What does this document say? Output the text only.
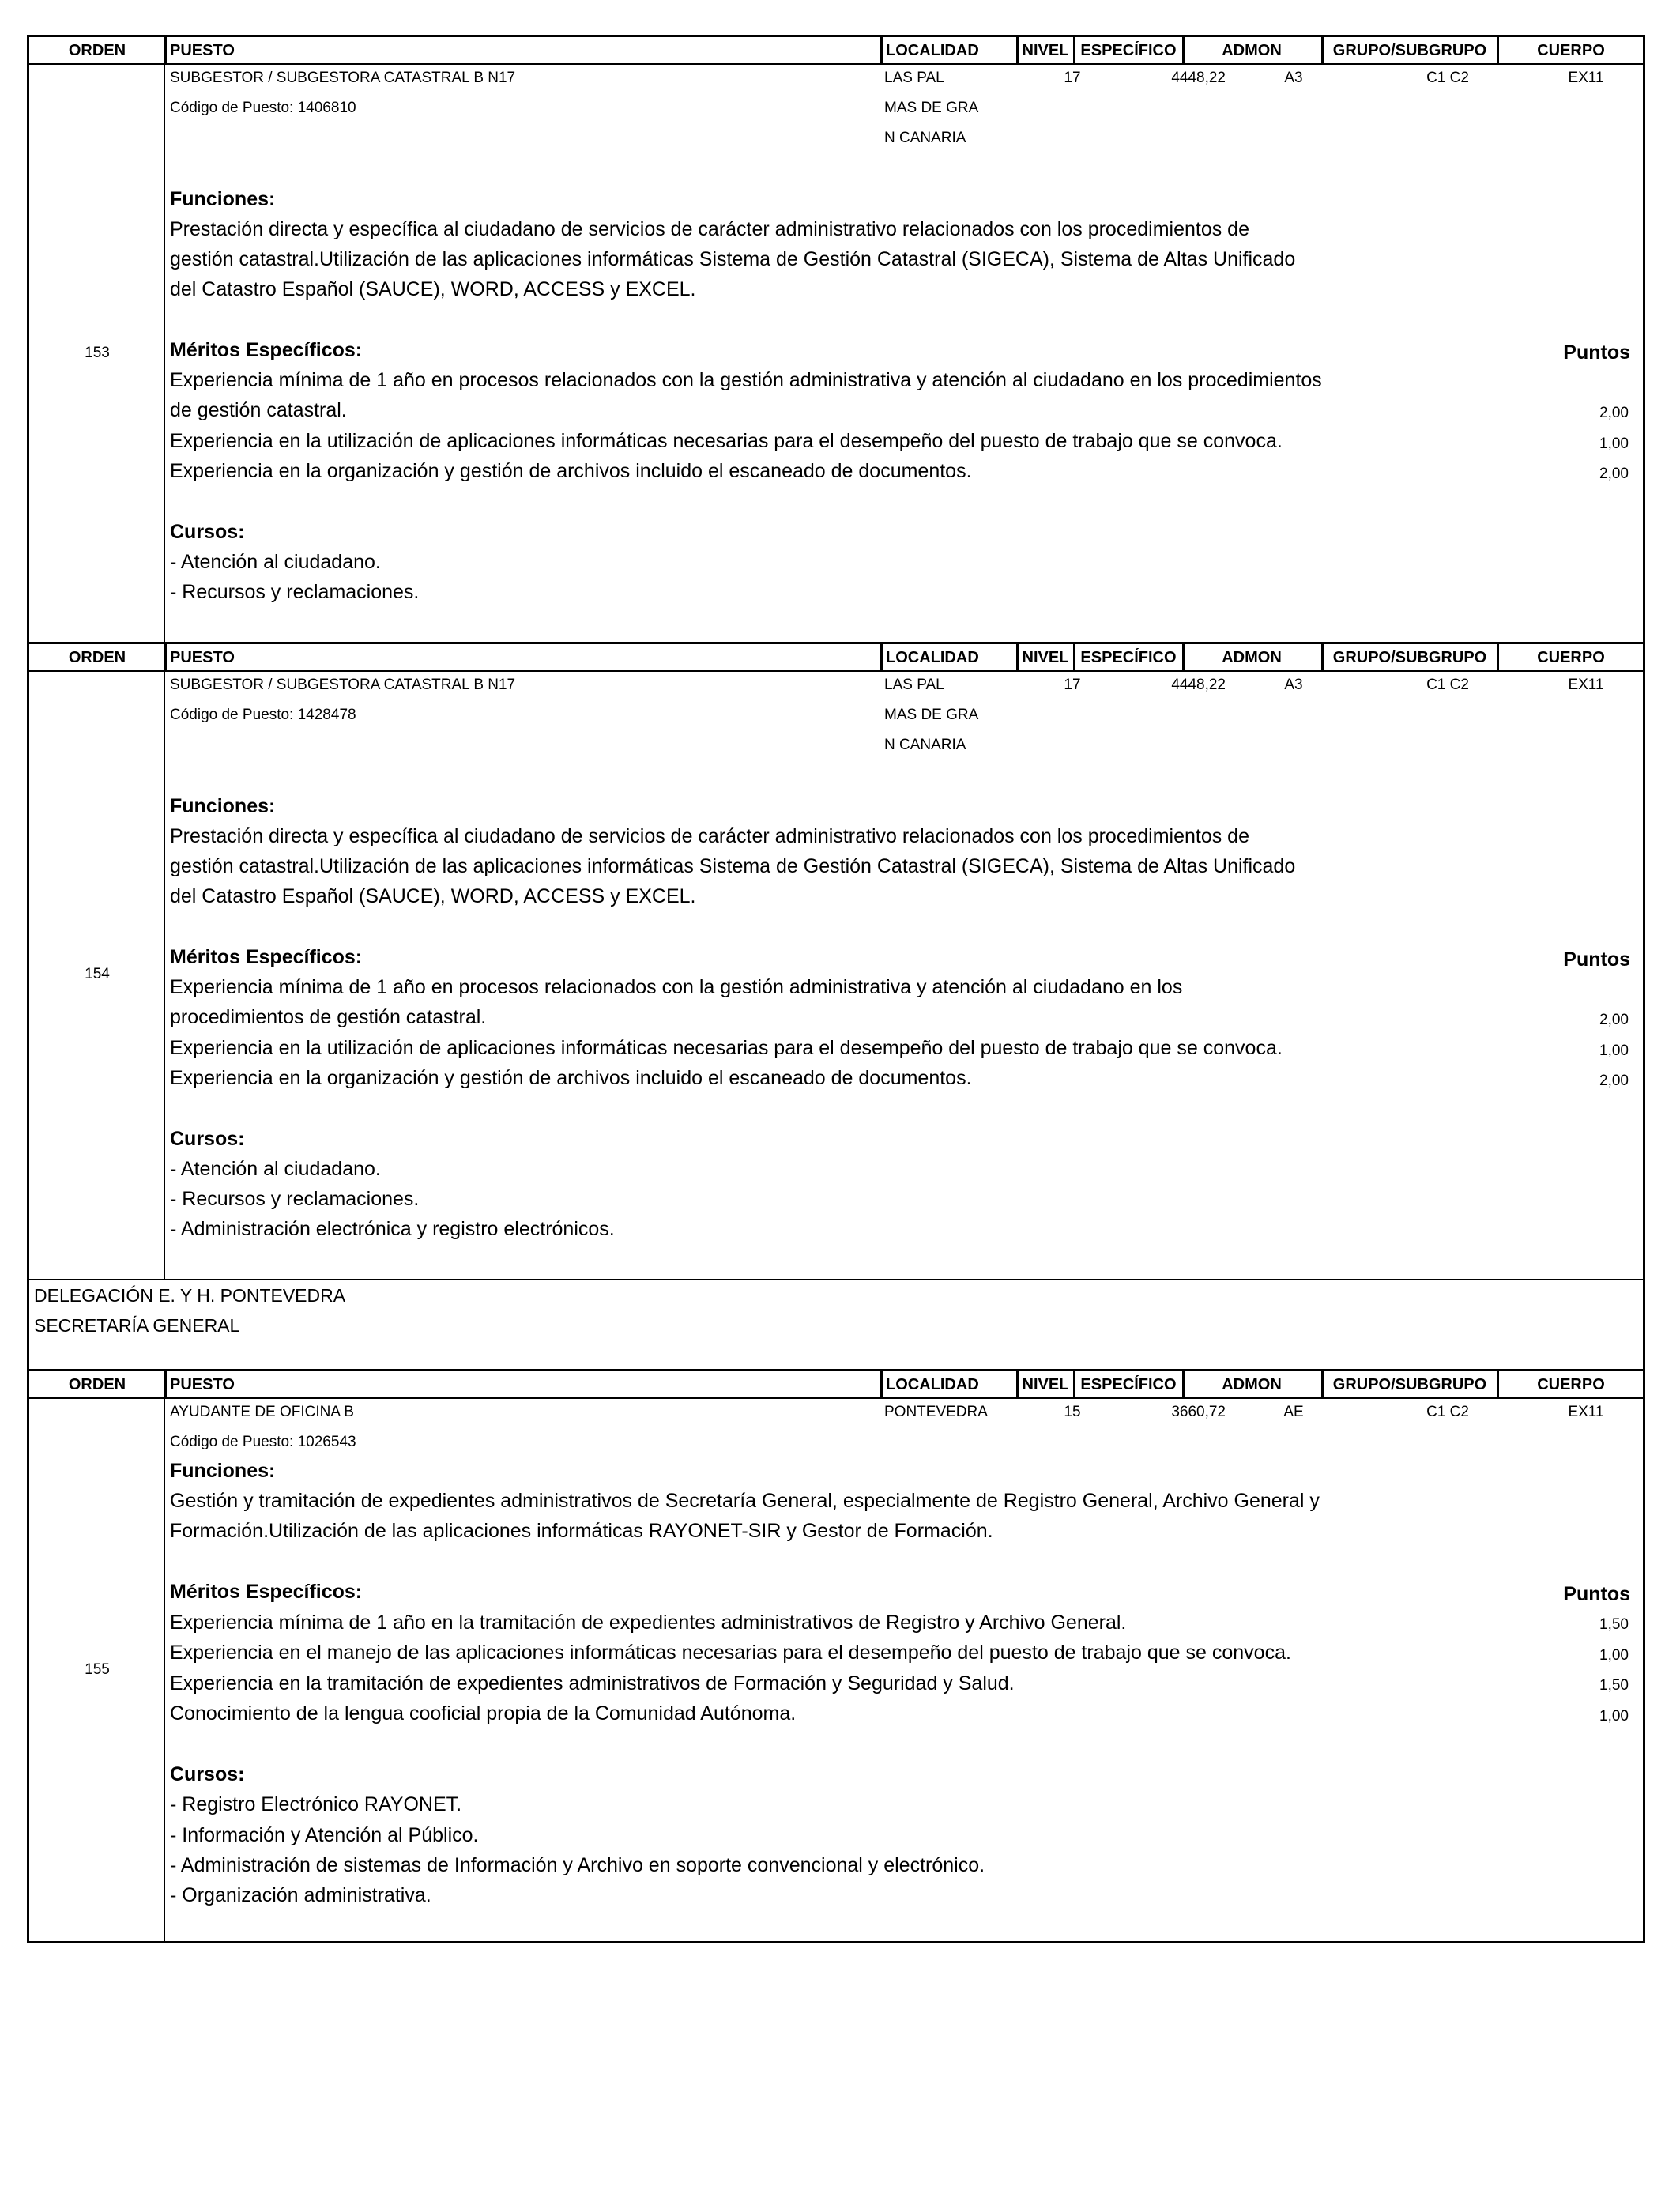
ORDEN	PUESTO	LOCALIDAD	NIVEL ESPECÍFICO	ADMON	GRUPO/SUBGRUPO	CUERPO
153
SUBGESTOR / SUBGESTORA CATASTRAL B N17
Código de Puesto: 1406810
LAS PAL
MAS DE GRA
N CANARIA
17	4448,22	A3	C1 C2	EX11
Funciones:
Prestación directa y específica al ciudadano de servicios de carácter administrativo relacionados con los procedimientos de
gestión catastral.Utilización de las aplicaciones informáticas Sistema de Gestión Catastral (SIGECA), Sistema de Altas Unificado
del Catastro Español (SAUCE), WORD, ACCESS y EXCEL.
Méritos Específicos:	Puntos
Experiencia mínima de 1 año en procesos relacionados con la gestión administrativa y atención al ciudadano en los procedimientos
de gestión catastral.	2,00
Experiencia en la utilización de aplicaciones informáticas necesarias para el desempeño del puesto de trabajo que se convoca.	1,00
Experiencia en la organización y gestión de archivos incluido el escaneado de documentos.	2,00
Cursos:
- Atención al ciudadano.
- Recursos y reclamaciones.
ORDEN	PUESTO	LOCALIDAD	NIVEL ESPECÍFICO	ADMON	GRUPO/SUBGRUPO	CUERPO
154
SUBGESTOR / SUBGESTORA CATASTRAL B N17
Código de Puesto: 1428478
LAS PAL
MAS DE GRA
N CANARIA
17	4448,22	A3	C1 C2	EX11
Funciones:
Prestación directa y específica al ciudadano de servicios de carácter administrativo relacionados con los procedimientos de
gestión catastral.Utilización de las aplicaciones informáticas Sistema de Gestión Catastral (SIGECA), Sistema de Altas Unificado
del Catastro Español (SAUCE), WORD, ACCESS y EXCEL.
Méritos Específicos:	Puntos
Experiencia mínima de 1 año en procesos relacionados con la gestión administrativa y atención al ciudadano en los
procedimientos de gestión catastral.	2,00
Experiencia en la utilización de aplicaciones informáticas necesarias para el desempeño del puesto de trabajo que se convoca.	1,00
Experiencia en la organización y gestión de archivos incluido el escaneado de documentos.	2,00
Cursos:
- Atención al ciudadano.
- Recursos y reclamaciones.
- Administración electrónica y registro electrónicos.
DELEGACIÓN E. Y H. PONTEVEDRA
SECRETARÍA GENERAL
ORDEN	PUESTO	LOCALIDAD	NIVEL ESPECÍFICO	ADMON	GRUPO/SUBGRUPO	CUERPO
155
AYUDANTE DE OFICINA B
Código de Puesto: 1026543
PONTEVEDRA	15	3660,72	AE	C1 C2	EX11
Funciones:
Gestión y tramitación de expedientes administrativos de Secretaría General, especialmente de Registro General, Archivo General y
Formación.Utilización de las aplicaciones informáticas RAYONET-SIR y Gestor de Formación.
Méritos Específicos:	Puntos
Experiencia mínima de 1 año en la tramitación de expedientes administrativos de Registro y Archivo General.	1,50
Experiencia en el manejo de las aplicaciones informáticas necesarias para el desempeño del puesto de trabajo que se convoca.	1,00
Experiencia en la tramitación de expedientes administrativos de Formación y Seguridad y Salud.	1,50
Conocimiento de la lengua cooficial propia de la Comunidad Autónoma.	1,00
Cursos:
- Registro Electrónico RAYONET.
- Información y Atención al Público.
- Administración de sistemas de Información y Archivo en soporte convencional y electrónico.
- Organización administrativa.
